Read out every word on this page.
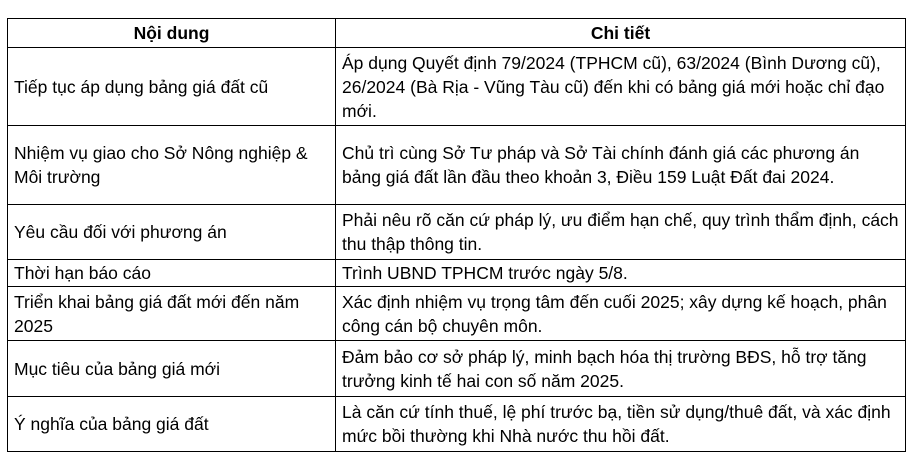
Nội dung	Chi tiết
Tiếp tục áp dụng bảng giá đất cũ	Áp dụng Quyết định 79/2024 (TPHCM cũ), 63/2024 (Bình Dương cũ), 26/2024 (Bà Rịa - Vũng Tàu cũ) đến khi có bảng giá mới hoặc chỉ đạo mới.
Nhiệm vụ giao cho Sở Nông nghiệp & Môi trường	Chủ trì cùng Sở Tư pháp và Sở Tài chính đánh giá các phương án bảng giá đất lần đầu theo khoản 3, Điều 159 Luật Đất đai 2024.
Yêu cầu đối với phương án	Phải nêu rõ căn cứ pháp lý, ưu điểm hạn chế, quy trình thẩm định, cách thu thập thông tin.
Thời hạn báo cáo	Trình UBND TPHCM trước ngày 5/8.
Triển khai bảng giá đất mới đến năm 2025	Xác định nhiệm vụ trọng tâm đến cuối 2025; xây dựng kế hoạch, phân công cán bộ chuyên môn.
Mục tiêu của bảng giá mới	Đảm bảo cơ sở pháp lý, minh bạch hóa thị trường BĐS, hỗ trợ tăng trưởng kinh tế hai con số năm 2025.
Ý nghĩa của bảng giá đất	Là căn cứ tính thuế, lệ phí trước bạ, tiền sử dụng/thuê đất, và xác định mức bồi thường khi Nhà nước thu hồi đất.
